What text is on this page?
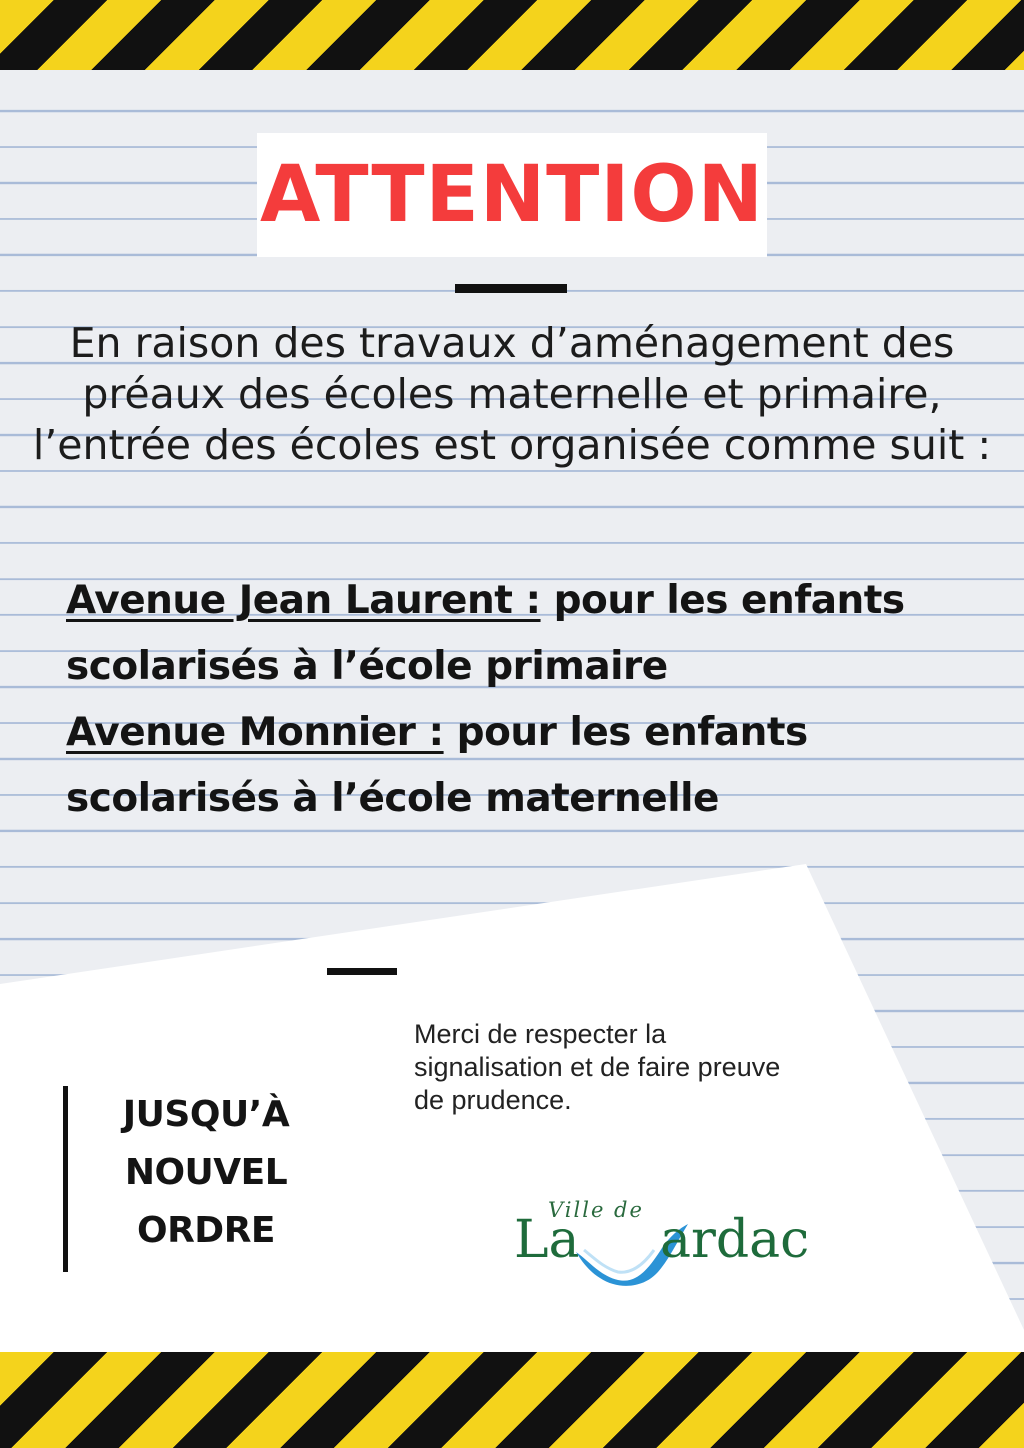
ATTENTION
En raison des travaux d’aménagement des préaux des écoles maternelle et primaire, l’entrée des écoles est organisée comme suit :
Avenue Jean Laurent : pour les enfants scolarisés à l’école primaire
Avenue Monnier : pour les enfants scolarisés à l’école maternelle
JUSQU’À
NOUVEL
ORDRE
Merci de respecter la signalisation et de faire preuve de prudence.
Ville de
La ardac
